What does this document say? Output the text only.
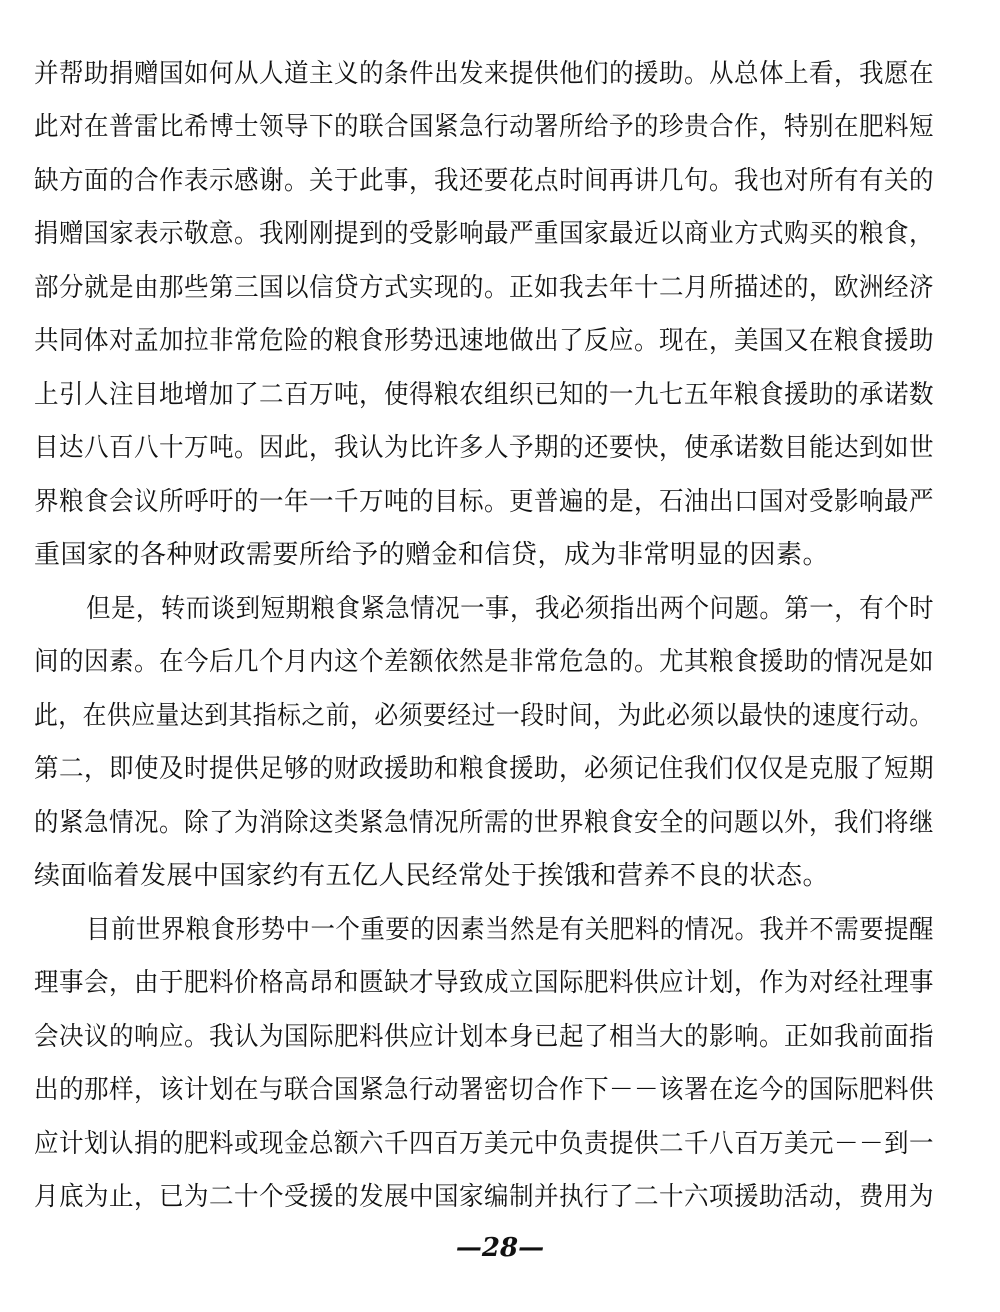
并帮助捐赠国如何从人道主义的条件出发来提供他们的援助。从总体上看，我愿在
此对在普雷比希博士领导下的联合国紧急行动署所给予的珍贵合作，特别在肥料短
缺方面的合作表示感谢。关于此事，我还要花点时间再讲几句。我也对所有有关的
捐赠国家表示敬意。我刚刚提到的受影响最严重国家最近以商业方式购买的粮食，
部分就是由那些第三国以信贷方式实现的。正如我去年十二月所描述的，欧洲经济
共同体对孟加拉非常危险的粮食形势迅速地做出了反应。现在，美国又在粮食援助
上引人注目地增加了二百万吨，使得粮农组织已知的一九七五年粮食援助的承诺数
目达八百八十万吨。因此，我认为比许多人予期的还要快，使承诺数目能达到如世
界粮食会议所呼吁的一年一千万吨的目标。更普遍的是，石油出口国对受影响最严
重国家的各种财政需要所给予的赠金和信贷，成为非常明显的因素。
但是，转而谈到短期粮食紧急情况一事，我必须指出两个问题。第一，有个时
间的因素。在今后几个月内这个差额依然是非常危急的。尤其粮食援助的情况是如
此，在供应量达到其指标之前，必须要经过一段时间，为此必须以最快的速度行动。
第二，即使及时提供足够的财政援助和粮食援助，必须记住我们仅仅是克服了短期
的紧急情况。除了为消除这类紧急情况所需的世界粮食安全的问题以外，我们将继
续面临着发展中国家约有五亿人民经常处于挨饿和营养不良的状态。
目前世界粮食形势中一个重要的因素当然是有关肥料的情况。我并不需要提醒
理事会，由于肥料价格高昂和匮缺才导致成立国际肥料供应计划，作为对经社理事
会决议的响应。我认为国际肥料供应计划本身已起了相当大的影响。正如我前面指
出的那样，该计划在与联合国紧急行动署密切合作下－－该署在迄今的国际肥料供
应计划认捐的肥料或现金总额六千四百万美元中负责提供二千八百万美元－－到一
月底为止，已为二十个受援的发展中国家编制并执行了二十六项援助活动，费用为
—28—
